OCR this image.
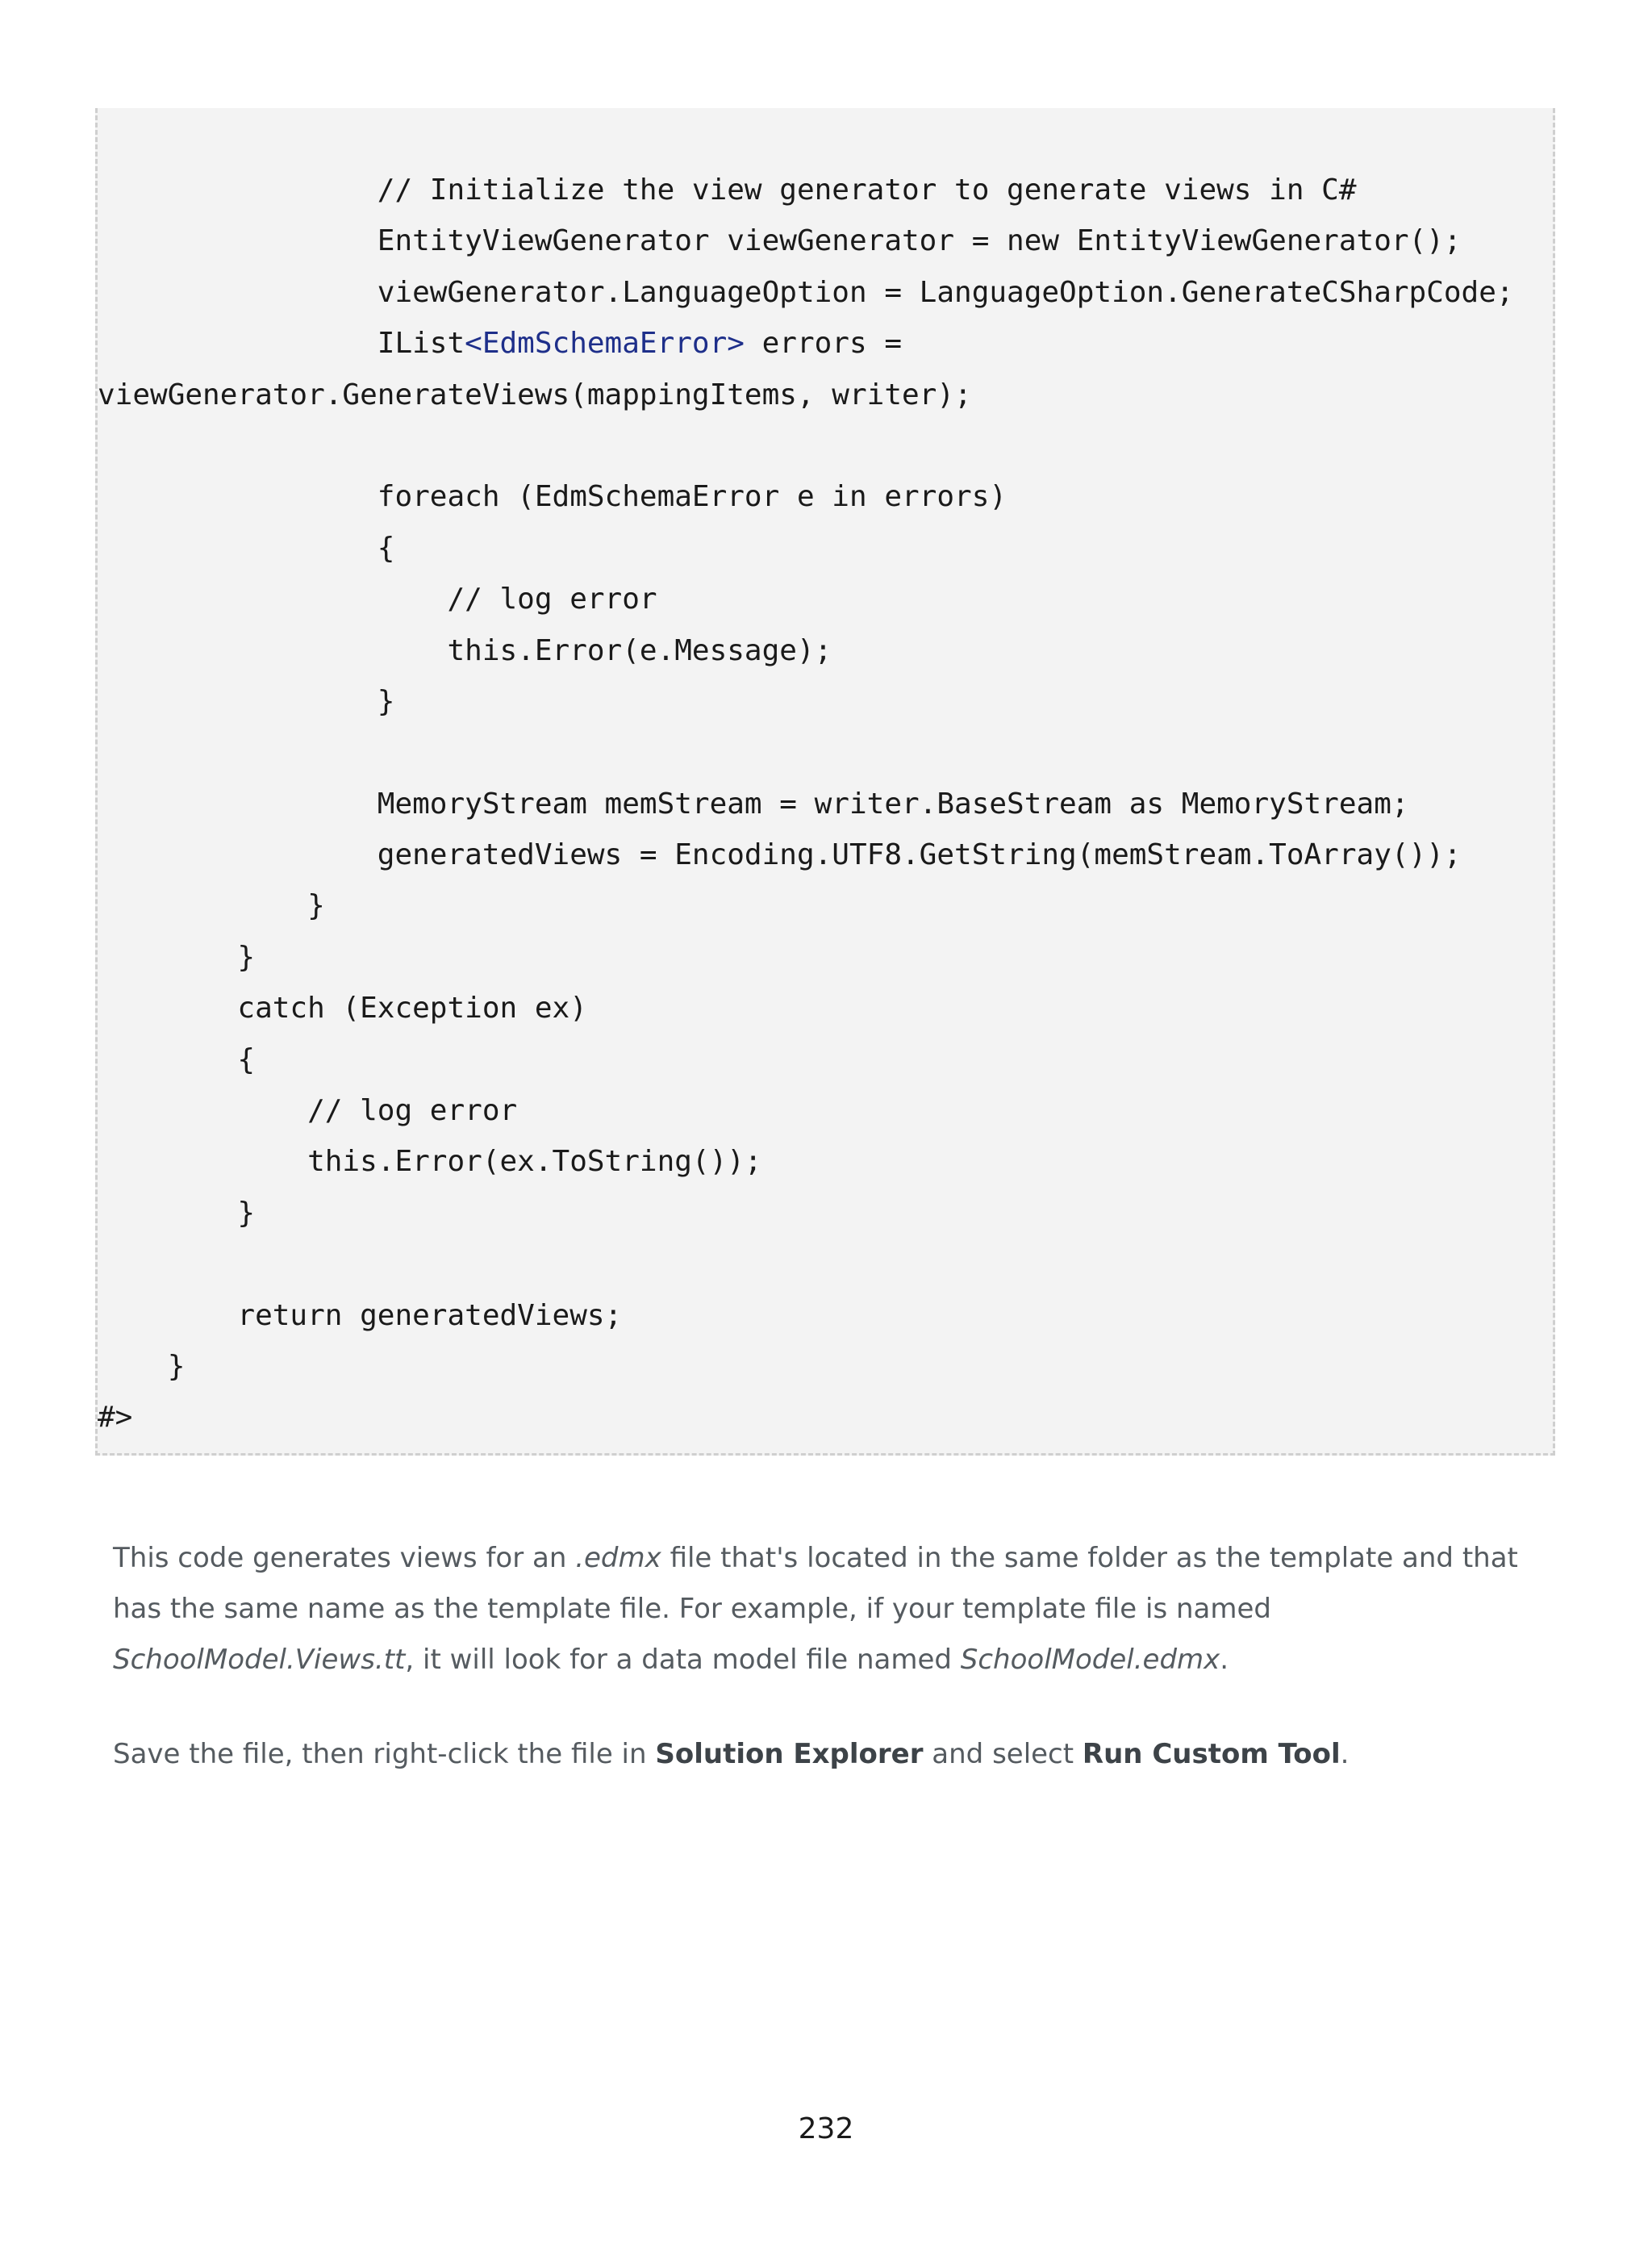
// Initialize the view generator to generate views in C#
EntityViewGenerator viewGenerator = new EntityViewGenerator();
viewGenerator.LanguageOption = LanguageOption.GenerateCSharpCode;
IList<EdmSchemaError> errors =
viewGenerator.GenerateViews(mappingItems, writer);
foreach (EdmSchemaError e in errors)
{
// log error
this.Error(e.Message);
}
MemoryStream memStream = writer.BaseStream as MemoryStream;
generatedViews = Encoding.UTF8.GetString(memStream.ToArray());
}
}
catch (Exception ex)
{
// log error
this.Error(ex.ToString());
}
return generatedViews;
}
#>

This code generates views for an .edmx file that's located in the same folder as the template and that has the same name as the template file. For example, if your template file is named SchoolModel.Views.tt, it will look for a data model file named SchoolModel.edmx.

Save the file, then right-click the file in Solution Explorer and select Run Custom Tool.

232
